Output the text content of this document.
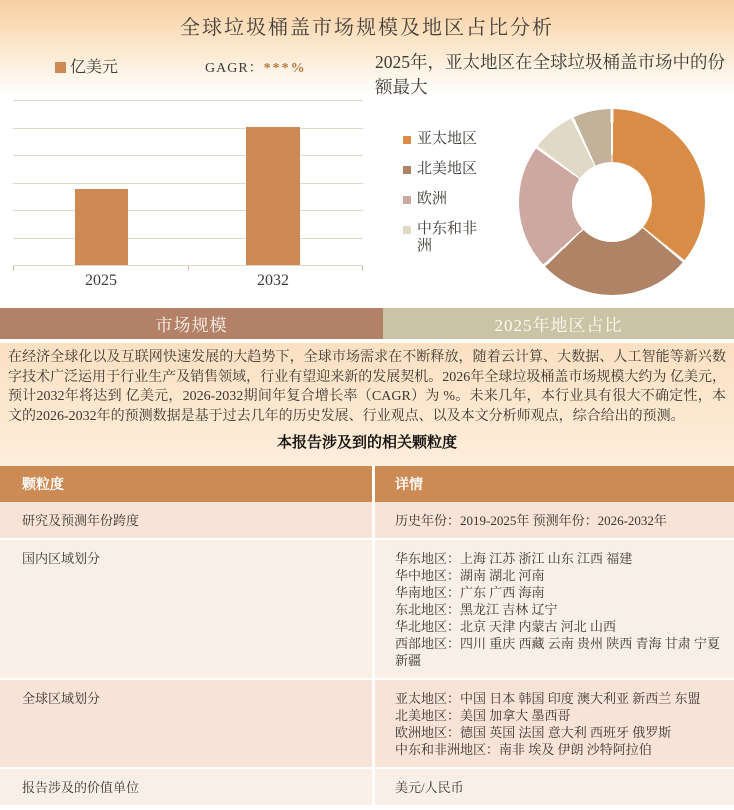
全球垃圾桶盖市场规模及地区占比分析
亿美元	GAGR：***%
2025	2032
2025年，亚太地区在全球垃圾桶盖市场中的份额最大
亚太地区
北美地区
欧洲
中东和非洲
市场规模	2025年地区占比

在经济全球化以及互联网快速发展的大趋势下，全球市场需求在不断释放，随着云计算、大数据、人工智能等新兴数字技术广泛运用于行业生产及销售领域，行业有望迎来新的发展契机。2026年全球垃圾桶盖市场规模大约为 亿美元，预计2032年将达到 亿美元，2026-2032期间年复合增长率（CAGR）为 %。未来几年，本行业具有很大不确定性，本文的2026-2032年的预测数据是基于过去几年的历史发展、行业观点、以及本文分析师观点，综合给出的预测。

本报告涉及到的相关颗粒度
颗粒度	详情
研究及预测年份跨度	历史年份：2019-2025年 预测年份：2026-2032年
国内区域划分	华东地区：上海 江苏 浙江 山东 江西 福建
华中地区：湖南 湖北 河南
华南地区：广东 广西 海南
东北地区：黑龙江 吉林 辽宁
华北地区：北京 天津 内蒙古 河北 山西
西部地区：四川 重庆 西藏 云南 贵州 陕西 青海 甘肃 宁夏 新疆
全球区域划分	亚太地区：中国 日本 韩国 印度 澳大利亚 新西兰 东盟
北美地区：美国 加拿大 墨西哥
欧洲地区：德国 英国 法国 意大利 西班牙 俄罗斯
中东和非洲地区：南非 埃及 伊朗 沙特阿拉伯
报告涉及的价值单位	美元/人民币
